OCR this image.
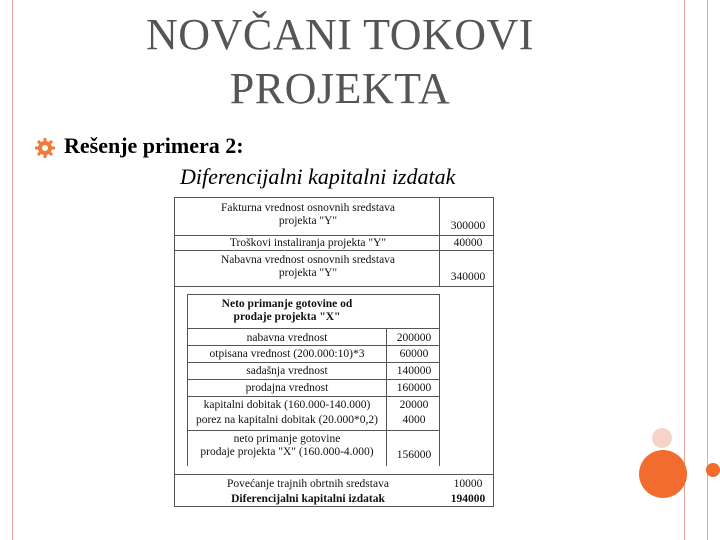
NOVČANI TOKOVI
PROJEKTA
Rešenje primera 2:
Diferencijalni kapitalni izdatak
Fakturna vrednost osnovnih sredstava
projekta "Y"	300000
Troškovi instaliranja projekta "Y"	40000
Nabavna vrednost osnovnih sredstava
projekta "Y"	340000
Neto primanje gotovine od
prodaje projekta "X"
nabavna vrednost	200000
otpisana vrednost (200.000:10)*3	60000
sadašnja vrednost	140000
prodajna vrednost	160000
kapitalni dobitak (160.000-140.000)	20000
porez na kapitalni dobitak (20.000*0,2)	4000
neto primanje gotovine
prodaje projekta "X" (160.000-4.000)	156000
Povećanje trajnih obrtnih sredstava	10000
Diferencijalni kapitalni izdatak	194000
